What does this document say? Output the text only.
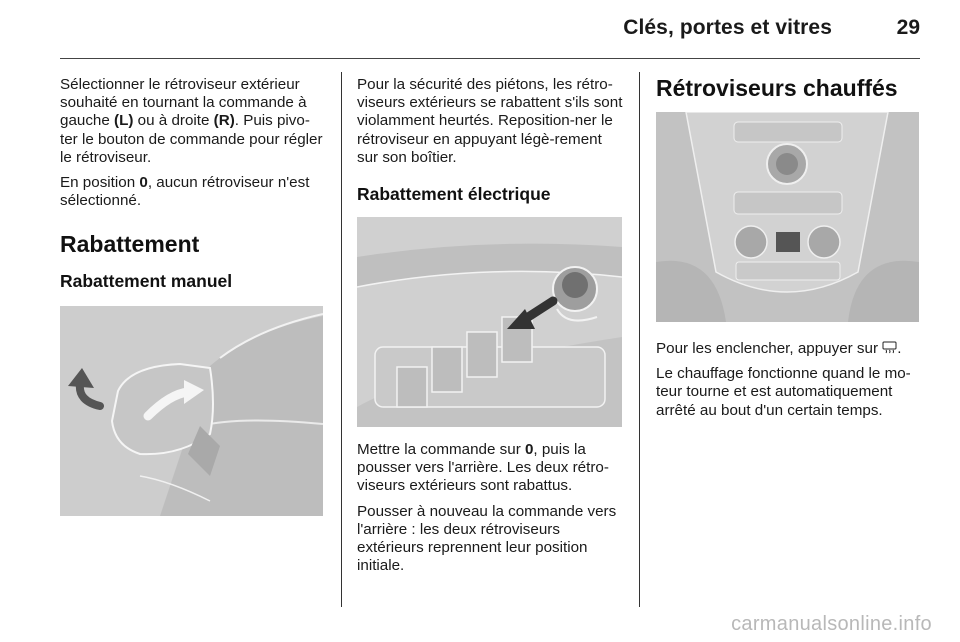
Clés, portes et vitres	29

Sélectionner le rétroviseur extérieur souhaité en tournant la commande à gauche (L) ou à droite (R). Puis pivo-ter le bouton de commande pour régler le rétroviseur.

En position 0, aucun rétroviseur n'est sélectionné.

Rabattement
Rabattement manuel

Pour la sécurité des piétons, les rétro-viseurs extérieurs se rabattent s'ils sont violamment heurtés. Reposition-ner le rétroviseur en appuyant légè-rement sur son boîtier.

Rabattement électrique

Mettre la commande sur 0, puis la pousser vers l'arrière. Les deux rétro-viseurs extérieurs sont rabattus.

Pousser à nouveau la commande vers l'arrière : les deux rétroviseurs extérieurs reprennent leur position initiale.

Rétroviseurs chauffés

Pour les enclencher, appuyer sur .

Le chauffage fonctionne quand le mo-teur tourne et est automatiquement arrêté au bout d'un certain temps.

carmanualsonline.info
